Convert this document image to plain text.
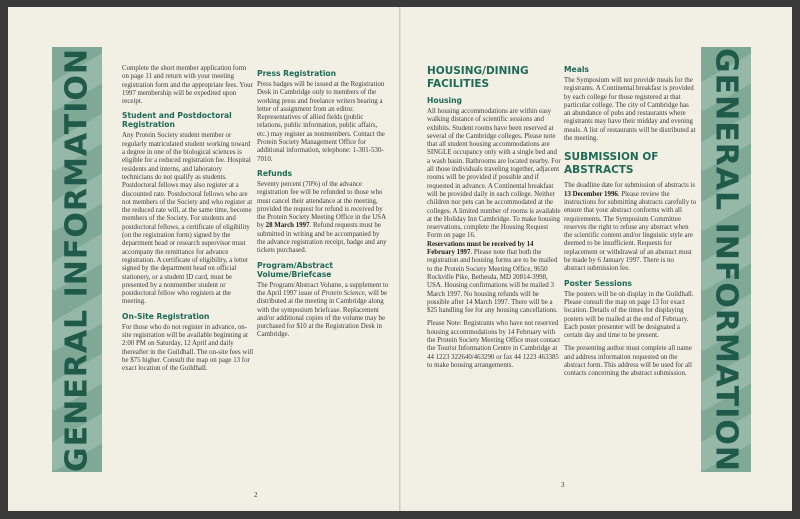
GENERAL INFORMATION	Complete the short member application form on page 11 and return with your meeting registration form and the appropriate fees. Your 1997 membership will be expedited upon receipt.

Student and Postdoctoral Registration

Any Protein Society student member or regularly matriculated student working toward a degree in one of the biological sciences is eligible for a reduced registration fee. Hospital residents and interns, and laboratory technicians do not qualify as students. Postdoctoral fellows may also register at a discounted rate. Postdoctoral fellows who are not members of the Society and who register at the reduced rate will, at the same time, become members of the Society. For students and postdoctoral fellows, a certificate of eligibility (on the registration form) signed by the department head or research supervisor must accompany the remittance for advance registration. A certificate of eligibility, a letter signed by the department head on official stationery, or a student ID card, must be presented by a nonmember student or postdoctoral fellow who registers at the meeting.

On-Site Registration

For those who do not register in advance, on-site registration will be available beginning at 2:00 PM on Saturday, 12 April and daily thereafter in the Guildhall. The on-site fees will be $75 higher. Consult the map on page 13 for exact location of the Guildhall.

Press Registration

Press badges will be issued at the Registration Desk in Cambridge only to members of the working press and freelance writers bearing a letter of assignment from an editor. Representatives of allied fields (public relations, public information, public affairs, etc.) may register as nonmembers. Contact the Protein Society Management Office for additional information, telephone: 1-301-530-7010.

Refunds

Seventy percent (70%) of the advance registration fee will be refunded to those who must cancel their attendance at the meeting, provided the request for refund is received by the Protein Society Meeting Office in the USA by 28 March 1997. Refund requests must be submitted in writing and be accompanied by the advance registration receipt, badge and any tickets purchased.

Program/Abstract Volume/Briefcase

The Program/Abstract Volume, a supplement to the April 1997 issue of Protein Science, will be distributed at the meeting in Cambridge along with the symposium briefcase. Replacement and/or additional copies of the volume may be purchased for $10 at the Registration Desk in Cambridge.

2
HOUSING/DINING FACILITIES
Housing

All housing accommodations are within easy walking distance of scientific sessions and exhibits. Student rooms have been reserved at several of the Cambridge colleges. Please note that all student housing accommodations are SINGLE occupancy only with a single bed and a wash basin. Bathrooms are located nearby. For all those individuals traveling together, adjacent rooms will be provided if possible and if requested in advance. A Continental breakfast will be provided daily in each college. Neither children nor pets can be accommodated at the colleges. A limited number of rooms is available at the Holiday Inn Cambridge. To make housing reservations, complete the Housing Request Form on page 16.

Reservations must be received by 14 February 1997. Please note that both the registration and housing forms are to be mailed to the Protein Society Meeting Office, 9650 Rockville Pike, Bethesda, MD 20814-3998, USA. Housing confirmations will be mailed 3 March 1997. No housing refunds will be possible after 14 March 1997. There will be a $25 handling fee for any housing cancellations.

Please Note: Registrants who have not reserved housing accommodations by 14 February with the Protein Society Meeting Office must contact the Tourist Information Centre in Cambridge at 44 1223 322640/463290 or fax 44 1223 463385 to make housing arrangements.

Meals

The Symposium will not provide meals for the registrants. A Continental breakfast is provided by each college for those registered at that particular college. The city of Cambridge has an abundance of pubs and restaurants where registrants may have their midday and evening meals. A list of restaurants will be distributed at the meeting.

SUBMISSION OF ABSTRACTS

The deadline date for submission of abstracts is 13 December 1996. Please review the instructions for submitting abstracts carefully to ensure that your abstract conforms with all requirements. The Symposium Committee reserves the right to refuse any abstract when the scientific content and/or linguistic style are deemed to be insufficient. Requests for replacement or withdrawal of an abstract must be made by 6 January 1997. There is no abstract submission fee.

Poster Sessions

The posters will be on display in the Guildhall. Please consult the map on page 13 for exact location. Details of the times for displaying posters will be mailed at the end of February. Each poster presenter will be designated a certain day and time to be present.

The presenting author must complete all name and address information requested on the abstract form. This address will be used for all contacts concerning the abstract submission.

3
GENERAL INFORMATION
